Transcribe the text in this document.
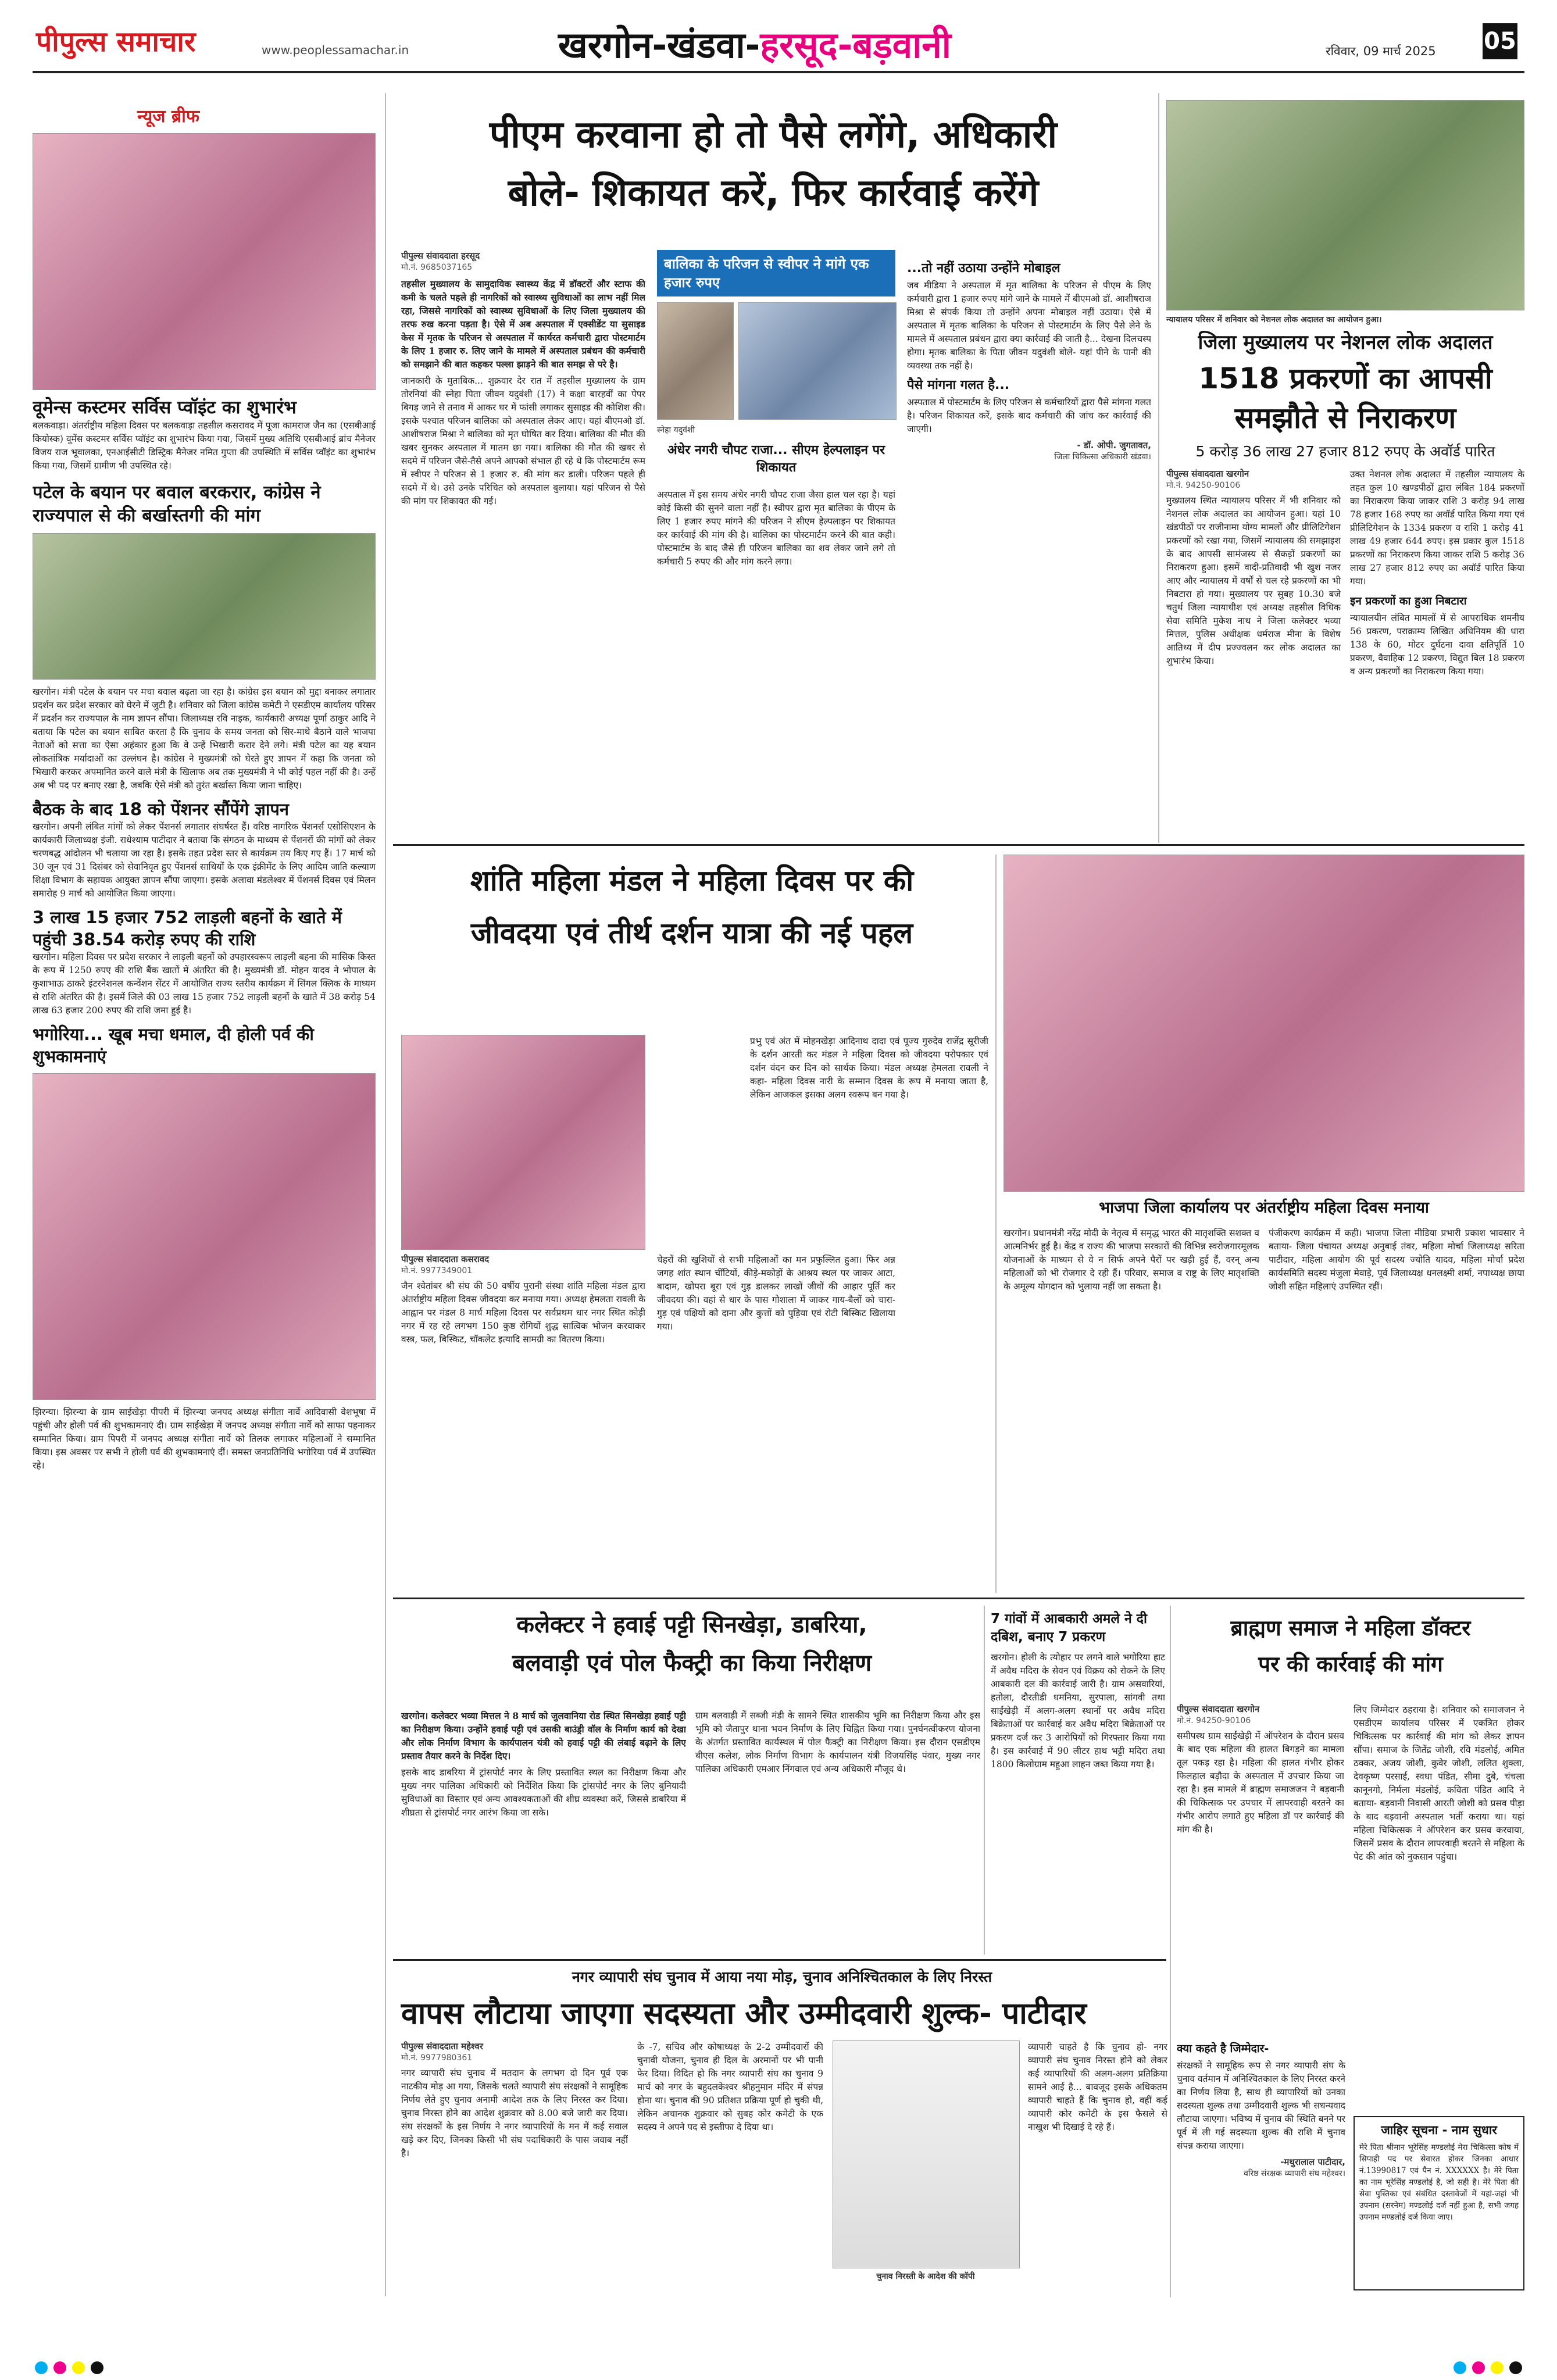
पीपुल्स समाचार	www.peoplessamachar.in	खरगोन-खंडवा-हरसूद-बड़वानी	रविवार, 09 मार्च 2025 05
न्यूज ब्रीफ
वूमेन्स कस्टमर सर्विस प्वॉइंट का शुभारंभ

बलकवाड़ा। अंतर्राष्ट्रीय महिला दिवस पर बलकवाड़ा तहसील कसरावद में पूजा कामराज जैन का (एसबीआई कियोस्क) वूमेंस कस्टमर सर्विस प्वॉइंट का शुभारंभ किया गया, जिसमें मुख्य अतिथि एसबीआई ब्रांच मैनेजर विजय राज भूवालका, एनआईसीटी डिस्ट्रिक मैनेजर नमित गुप्ता की उपस्थिति में सर्विस प्वॉइंट का शुभारंभ किया गया, जिसमें ग्रामीण भी उपस्थित रहे।

पटेल के बयान पर बवाल बरकरार, कांग्रेस ने राज्यपाल से की बर्खास्तगी की मांग

खरगोन। मंत्री पटेल के बयान पर मचा बवाल बढ़ता जा रहा है। कांग्रेस इस बयान को मुद्दा बनाकर लगातार प्रदर्शन कर प्रदेश सरकार को घेरने में जुटी है। शनिवार को जिला कांग्रेस कमेटी ने एसडीएम कार्यालय परिसर में प्रदर्शन कर राज्यपाल के नाम ज्ञापन सौंपा। जिलाध्यक्ष रवि नाइक, कार्यकारी अध्यक्ष पूर्णा ठाकुर आदि ने बताया कि पटेल का बयान साबित करता है कि चुनाव के समय जनता को सिर-माथे बैठाने वाले भाजपा नेताओं को सत्ता का ऐसा अहंकार हुआ कि वे उन्हें भिखारी करार देने लगे। मंत्री पटेल का यह बयान लोकतांत्रिक मर्यादाओं का उल्लंघन है। कांग्रेस ने मुख्यमंत्री को घेरते हुए ज्ञापन में कहा कि जनता को भिखारी करकर अपमानित करने वाले मंत्री के खिलाफ अब तक मुख्यमंत्री ने भी कोई पहल नहीं की है। उन्हें अब भी पद पर बनाए रखा है, जबकि ऐसे मंत्री को तुरंत बर्खास्त किया जाना चाहिए।

बैठक के बाद 18 को पेंशनर सौंपेंगे ज्ञापन

खरगोन। अपनी लंबित मांगों को लेकर पेंशनर्स लगातार संघर्षरत हैं। वरिष्ठ नागरिक पेंशनर्स एसोसिएशन के कार्यकारी जिलाध्यक्ष इंजी. राधेश्याम पाटीदार ने बताया कि संगठन के माध्यम से पेंशनरों की मांगों को लेकर चरणबद्ध आंदोलन भी चलाया जा रहा है। इसके तहत प्रदेश स्तर से कार्यक्रम तय किए गए हैं। 17 मार्च को 30 जून एवं 31 दिसंबर को सेवानिवृत हुए पेंशनर्स साथियों के एक इंक्रीमेंट के लिए आदिम जाति कल्याण शिक्षा विभाग के सहायक आयुक्त ज्ञापन सौंपा जाएगा। इसके अलावा मंडलेश्वर में पेंशनर्स दिवस एवं मिलन समारोह 9 मार्च को आयोजित किया जाएगा।

3 लाख 15 हजार 752 लाड़ली बहनों के खाते में पहुंची 38.54 करोड़ रुपए की राशि

खरगोन। महिला दिवस पर प्रदेश सरकार ने लाड़ली बहनों को उपहारस्वरूप लाड़ली बहना की मासिक किस्त के रूप में 1250 रुपए की राशि बैंक खातों में अंतरित की है। मुख्यमंत्री डॉ. मोहन यादव ने भोपाल के कुशाभाऊ ठाकरे इंटरनेशनल कन्वेंशन सेंटर में आयोजित राज्य स्तरीय कार्यक्रम में सिंगल क्लिक के माध्यम से राशि अंतरित की है। इसमें जिले की 03 लाख 15 हजार 752 लाड़ली बहनों के खाते में 38 करोड़ 54 लाख 63 हजार 200 रुपए की राशि जमा हुई है।

भगोरिया... खूब मचा धमाल, दी होली पर्व की शुभकामनाएं

झिरन्या। झिरन्या के ग्राम साईखेड़ा पीपरी में झिरन्या जनपद अध्यक्ष संगीता नार्वे आदिवासी वेशभूषा में पहुंची और होली पर्व की शुभकामनाएं दी। ग्राम साईखेड़ा में जनपद अध्यक्ष संगीता नार्वे को साफा पहनाकर सम्मानित किया। ग्राम पिपरी में जनपद अध्यक्ष संगीता नार्वे को तिलक लगाकर महिलाओं ने सम्मानित किया। इस अवसर पर सभी ने होली पर्व की शुभकामनाएं दीं। समस्त जनप्रतिनिधि भगोरिया पर्व में उपस्थित रहे।

पीएम करवाना हो तो पैसे लगेंगे, अधिकारी
बोले- शिकायत करें, फिर कार्रवाई करेंगे
पीपुल्स संवाददाता हरसूद
मो.नं. 9685037165

तहसील मुख्यालय के सामुदायिक स्वास्थ्य केंद्र में डॉक्टरों और स्टाफ की कमी के चलते पहले ही नागरिकों को स्वास्थ्य सुविधाओं का लाभ नहीं मिल रहा, जिससे नागरिकों को स्वास्थ्य सुविधाओं के लिए जिला मुख्यालय की तरफ रुख करना पड़ता है। ऐसे में अब अस्पताल में एक्सीडेंट या सुसाइड केस में मृतक के परिजन से अस्पताल में कार्यरत कर्मचारी द्वारा पोस्टमार्टम के लिए 1 हजार रु. लिए जाने के मामले में अस्पताल प्रबंधन की कर्मचारी को समझाने की बात कहकर पल्ला झाड़ने की बात समझ से परे है।

जानकारी के मुताबिक... शुक्रवार देर रात में तहसील मुख्यालय के ग्राम तोरनियां की स्नेहा पिता जीवन यदुवंशी (17) ने कक्षा बारहवीं का पेपर बिगड़ जाने से तनाव में आकर घर में फांसी लगाकर सुसाइड की कोशिश की। इसके पश्चात परिजन बालिका को अस्पताल लेकर आए। यहां बीएमओ डॉ. आशीषराज मिश्रा ने बालिका को मृत घोषित कर दिया। बालिका की मौत की खबर सुनकर अस्पताल में मातम छा गया। बालिका की मौत की खबर से सदमे में परिजन जैसे-तैसे अपने आपको संभाल ही रहे थे कि पोस्टमार्टम रूम में स्वीपर ने परिजन से 1 हजार रु. की मांग कर डाली। परिजन पहले ही सदमे में थे। उसे उनके परिचित को अस्पताल बुलाया। यहां परिजन से पैसे की मांग पर शिकायत की गई।

बालिका के परिजन से स्वीपर ने मांगे एक हजार रुपए
स्नेहा यदुवंशी
अंधेर नगरी चौपट राजा... सीएम हेल्पलाइन पर शिकायत

अस्पताल में इस समय अंधेर नगरी चौपट राजा जैसा हाल चल रहा है। यहां कोई किसी की सुनने वाला नहीं है। स्वीपर द्वारा मृत बालिका के पीएम के लिए 1 हजार रुपए मांगने की परिजन ने सीएम हेल्पलाइन पर शिकायत कर कार्रवाई की मांग की है। बालिका का पोस्टमार्टम करने की बात कही। पोस्टमार्टम के बाद जैसे ही परिजन बालिका का शव लेकर जाने लगे तो कर्मचारी 5 रुपए की और मांग करने लगा।

...तो नहीं उठाया उन्होंने मोबाइल

जब मीडिया ने अस्पताल में मृत बालिका के परिजन से पीएम के लिए कर्मचारी द्वारा 1 हजार रुपए मांगे जाने के मामले में बीएमओ डॉ. आशीषराज मिश्रा से संपर्क किया तो उन्होंने अपना मोबाइल नहीं उठाया। ऐसे में अस्पताल में मृतक बालिका के परिजन से पोस्टमार्टम के लिए पैसे लेने के मामले में अस्पताल प्रबंधन द्वारा क्या कार्रवाई की जाती है... देखना दिलचस्प होगा। मृतक बालिका के पिता जीवन यदुवंशी बोले- यहां पीने के पानी की व्यवस्था तक नहीं है।

पैसे मांगना गलत है...

अस्पताल में पोस्टमार्टम के लिए परिजन से कर्मचारियों द्वारा पैसे मांगना गलत है। परिजन शिकायत करें, इसके बाद कर्मचारी की जांच कर कार्रवाई की जाएगी।

- डॉ. ओपी. जुगतावत,
जिला चिकित्सा अधिकारी खंडवा।
न्यायालय परिसर में शनिवार को नेशनल लोक अदालत का आयोजन हुआ।
जिला मुख्यालय पर नेशनल लोक अदालत
1518 प्रकरणों का आपसी समझौते से निराकरण
5 करोड़ 36 लाख 27 हजार 812 रुपए के अवॉर्ड पारित
पीपुल्स संवाददाता खरगोन
मो.नं. 94250-90106

मुख्यालय स्थित न्यायालय परिसर में भी शनिवार को नेशनल लोक अदालत का आयोजन हुआ। यहां 10 खंडपीठों पर राजीनामा योग्य मामलों और प्रीलिटिगेशन प्रकरणों को रखा गया, जिसमें न्यायालय की समझाइश के बाद आपसी सामंजस्य से सैकड़ों प्रकरणों का निराकरण हुआ। इसमें वादी-प्रतिवादी भी खुश नजर आए और न्यायालय में वर्षों से चल रहे प्रकरणों का भी निबटारा हो गया। मुख्यालय पर सुबह 10.30 बजे चतुर्थ जिला न्यायाधीश एवं अध्यक्ष तहसील विधिक सेवा समिति मुकेश नाथ ने जिला कलेक्टर भव्या मित्तल, पुलिस अधीक्षक धर्मराज मीना के विशेष आतिथ्य में दीप प्रज्ज्वलन कर लोक अदालत का शुभारंभ किया।

उक्त नेशनल लोक अदालत में तहसील न्यायालय के तहत कुल 10 खण्डपीठों द्वारा लंबित 184 प्रकरणों का निराकरण किया जाकर राशि 3 करोड़ 94 लाख 78 हजार 168 रुपए का अवॉर्ड पारित किया गया एवं प्रीलिटिगेशन के 1334 प्रकरण व राशि 1 करोड़ 41 लाख 49 हजार 644 रुपए। इस प्रकार कुल 1518 प्रकरणों का निराकरण किया जाकर राशि 5 करोड़ 36 लाख 27 हजार 812 रुपए का अवॉर्ड पारित किया गया।

इन प्रकरणों का हुआ निबटारा

न्यायालयीन लंबित मामलों में से आपराधिक शमनीय 56 प्रकरण, पराक्राम्य लिखित अधिनियम की धारा 138 के 60, मोटर दुर्घटना दावा क्षतिपूर्ति 10 प्रकरण, वैवाहिक 12 प्रकरण, विद्युत बिल 18 प्रकरण व अन्य प्रकरणों का निराकरण किया गया।

शांति महिला मंडल ने महिला दिवस पर की
जीवदया एवं तीर्थ दर्शन यात्रा की नई पहल
पीपुल्स संवाददाता कसरावद
मो.नं. 9977349001

जैन श्वेतांबर श्री संघ की 50 वर्षीय पुरानी संस्था शांति महिला मंडल द्वारा अंतर्राष्ट्रीय महिला दिवस जीवदया कर मनाया गया। अध्यक्ष हेमलता रावली के आह्वान पर मंडल 8 मार्च महिला दिवस पर सर्वप्रथम धार नगर स्थित कोड़ी नगर में रह रहे लगभग 150 कुष्ठ रोगियों शुद्ध सात्विक भोजन करवाकर वस्त्र, फल, बिस्किट, चॉकलेट इत्यादि सामग्री का वितरण किया।

चेहरों की खुशियों से सभी महिलाओं का मन प्रफुल्लित हुआ। फिर अन्न जगह शांत स्थान चींटियों, कीड़े-मकोड़ों के आश्रय स्थल पर जाकर आटा, बादाम, खोपरा बूरा एवं गुड़ डालकर लाखों जीवों की आहार पूर्ति कर जीवदया की। वहां से धार के पास गोशाला में जाकर गाय-बैलों को चारा-गुड़ एवं पक्षियों को दाना और कुत्तों को पुड़िया एवं रोटी बिस्किट खिलाया गया।

प्रभु एवं अंत में मोहनखेड़ा आदिनाथ दादा एवं पूज्य गुरुदेव राजेंद्र सूरीजी के दर्शन आरती कर मंडल ने महिला दिवस को जीवदया परोपकार एवं दर्शन वंदन कर दिन को सार्थक किया। मंडल अध्यक्ष हेमलता रावली ने कहा- महिला दिवस नारी के सम्मान दिवस के रूप में मनाया जाता है, लेकिन आजकल इसका अलग स्वरूप बन गया है।

भाजपा जिला कार्यालय पर अंतर्राष्ट्रीय महिला दिवस मनाया

खरगोन। प्रधानमंत्री नरेंद्र मोदी के नेतृत्व में समृद्ध भारत की मातृशक्ति सशक्त व आत्मनिर्भर हुई है। केंद्र व राज्य की भाजपा सरकारों की विभिन्न स्वरोजगारमूलक योजनाओं के माध्यम से वे न सिर्फ अपने पैरों पर खड़ी हुई हैं, वरन् अन्य महिलाओं को भी रोजगार दे रही हैं। परिवार, समाज व राष्ट्र के लिए मातृशक्ति के अमूल्य योगदान को भुलाया नहीं जा सकता है।

पंजीकरण कार्यक्रम में कही। भाजपा जिला मीडिया प्रभारी प्रकाश भावसार ने बताया- जिला पंचायत अध्यक्ष अनुबाई तंवर, महिला मोर्चा जिलाध्यक्ष सरिता पाटीदार, महिला आयोग की पूर्व सदस्य ज्योति यादव, महिला मोर्चा प्रदेश कार्यसमिति सदस्य मंजुला मेवाड़े, पूर्व जिलाध्यक्ष धनलक्ष्मी शर्मा, नपाध्यक्ष छाया जोशी सहित महिलाएं उपस्थित रहीं।

कलेक्टर ने हवाई पट्टी सिनखेड़ा, डाबरिया,
बलवाड़ी एवं पोल फैक्ट्री का किया निरीक्षण

खरगोन। कलेक्टर भव्या मित्तल ने 8 मार्च को जुलवानिया रोड स्थित सिनखेड़ा हवाई पट्टी का निरीक्षण किया। उन्होंने हवाई पट्टी एवं उसकी बाउंड्री वॉल के निर्माण कार्य को देखा और लोक निर्माण विभाग के कार्यपालन यंत्री को हवाई पट्टी की लंबाई बढ़ाने के लिए प्रस्ताव तैयार करने के निर्देश दिए।

इसके बाद डाबरिया में ट्रांसपोर्ट नगर के लिए प्रस्तावित स्थल का निरीक्षण किया और मुख्य नगर पालिका अधिकारी को निर्देशित किया कि ट्रांसपोर्ट नगर के लिए बुनियादी सुविधाओं का विस्तार एवं अन्य आवश्यकताओं की शीघ्र व्यवस्था करें, जिससे डाबरिया में शीघ्रता से ट्रांसपोर्ट नगर आरंभ किया जा सके।

ग्राम बलवाड़ी में सब्जी मंडी के सामने स्थित शासकीय भूमि का निरीक्षण किया और इस भूमि को जैतापुर थाना भवन निर्माण के लिए चिह्नित किया गया। पुनर्घनत्वीकरण योजना के अंतर्गत प्रस्तावित कार्यस्थल में पोल फैक्ट्री का निरीक्षण किया। इस दौरान एसडीएम बीएस कलेश, लोक निर्माण विभाग के कार्यपालन यंत्री विजयसिंह पंवार, मुख्य नगर पालिका अधिकारी एमआर निंगवाल एवं अन्य अधिकारी मौजूद थे।

7 गांवों में आबकारी अमले ने दी दबिश, बनाए 7 प्रकरण

खरगोन। होली के त्योहार पर लगने वाले भगोरिया हाट में अवैध मदिरा के सेवन एवं विक्रय को रोकने के लिए आबकारी दल की कार्रवाई जारी है। ग्राम असवारियां, हतोला, दौरतीडी धमनिया, सुरपाला, सांगवी तथा साईंखेड़ी में अलग-अलग स्थानों पर अवैध मदिरा बिक्रेताओं पर कार्रवाई कर अवैध मदिरा बिक्रेताओं पर प्रकरण दर्ज कर 3 आरोपियों को गिरफ्तार किया गया है। इस कार्रवाई में 90 लीटर हाथ भट्टी मदिरा तथा 1800 किलोग्राम महुआ लाहन जब्त किया गया है।

ब्राह्मण समाज ने महिला डॉक्टर
पर की कार्रवाई की मांग
पीपुल्स संवाददाता खरगोन
मो.नं. 94250-90106

समीपस्थ ग्राम साईंखेड़ी में ऑपरेशन के दौरान प्रसव के बाद एक महिला की हालत बिगड़ने का मामला तूल पकड़ रहा है। महिला की हालत गंभीर होकर फिलहाल बड़ौदा के अस्पताल में उपचार किया जा रहा है। इस मामले में ब्राह्मण समाजजन ने बड़वानी की चिकित्सक पर उपचार में लापरवाही बरतने का गंभीर आरोप लगाते हुए महिला डॉ पर कार्रवाई की मांग की है।

लिए जिम्मेदार ठहराया है। शनिवार को समाजजन ने एसडीएम कार्यालय परिसर में एकत्रित होकर चिकित्सक पर कार्रवाई की मांग को लेकर ज्ञापन सौंपा। समाज के जितेंद्र जोशी, रवि मंडलोई, अमित ठक्कर, अजय जोशी, कुवेर जोशी, ललित शुक्ला, देवकृष्ण परसाई, स्वधा पंडित, सीमा दुबे, चंचला कानूनगो, निर्मला मंडलोई, कविता पंडित आदि ने बताया- बड़वानी निवासी आरती जोशी को प्रसव पीड़ा के बाद बड़वानी अस्पताल भर्ती कराया था। यहां महिला चिकित्सक ने ऑपरेशन कर प्रसव करवाया, जिसमें प्रसव के दौरान लापरवाही बरतने से महिला के पेट की आंत को नुकसान पहुंचा।

जाहिर सूचना - नाम सुधार

मेरे पिता श्रीमान भूरेसिंह मण्डलोई मेरा चिकित्सा कोष में सिपाही पद पर सेवारत होकर जिनका आधार नं.13990817 एवं पैन नं. XXXXXX है। मेरे पिता का नाम भूरेसिंह मण्डलोई है, जो सही है। मेरे पिता की सेवा पुस्तिका एवं संबंधित दस्तावेजों में यहां-जहां भी उपनाम (सरनेम) मण्डलोई दर्ज नहीं हुआ है, सभी जगह उपनाम मण्डलोई दर्ज किया जाए।

नगर व्यापारी संघ चुनाव में आया नया मोड़, चुनाव अनिश्चितकाल के लिए निरस्त
वापस लौटाया जाएगा सदस्यता और उम्मीदवारी शुल्क- पाटीदार
पीपुल्स संवाददाता महेश्वर
मो.नं. 9977980361

नगर व्यापारी संघ चुनाव में मतदान के लगभग दो दिन पूर्व एक नाटकीय मोड़ आ गया, जिसके चलते व्यापारी संघ संरक्षकों ने सामूहिक निर्णय लेते हुए चुनाव अनामी आदेश तक के लिए निरस्त कर दिया। चुनाव निरस्त होने का आदेश शुक्रवार को 8.00 बजे जारी कर दिया। संघ संरक्षकों के इस निर्णय ने नगर व्यापारियों के मन में कई सवाल खड़े कर दिए, जिनका किसी भी संघ पदाधिकारी के पास जवाब नहीं है।

के -7, सचिव और कोषाध्यक्ष के 2-2 उम्मीदवारों की चुनावी योजना, चुनाव ही दिल के अरमानों पर भी पानी फेर दिया। विदित हो कि नगर व्यापारी संघ का चुनाव 9 मार्च को नगर के बहुदलकेश्वर श्रीहनुमान मंदिर में संपन्न होना था। चुनाव की 90 प्रतिशत प्रक्रिया पूर्ण हो चुकी थी, लेकिन अचानक शुक्रवार को सुबह कोर कमेटी के एक सदस्य ने अपने पद से इस्तीफा दे दिया था।

चुनाव निरस्ती के आदेश की कॉपी

व्यापारी चाहते है कि चुनाव हो- नगर व्यापारी संघ चुनाव निरस्त होने को लेकर कई व्यापारियों की अलग-अलग प्रतिक्रिया सामने आई है... बावजूद इसके अधिकतम व्यापारी चाहते हैं कि चुनाव हो, वहीं कई व्यापारी कोर कमेटी के इस फैसले से नाखुश भी दिखाई दे रहे हैं।

क्या कहते है जिम्मेदार-

संरक्षकों ने सामूहिक रूप से नगर व्यापारी संघ के चुनाव वर्तमान में अनिश्चितकाल के लिए निरस्त करने का निर्णय लिया है, साथ ही व्यापारियों को उनका सदस्यता शुल्क तथा उम्मीदवारी शुल्क भी सधन्यवाद लौटाया जाएगा। भविष्य में चुनाव की स्थिति बनने पर पूर्व में ली गई सदस्यता शुल्क की राशि में चुनाव संपन्न कराया जाएगा।

-मथुरालाल पाटीदार,
वरिष्ठ संरक्षक व्यापारी संघ महेश्वर।
